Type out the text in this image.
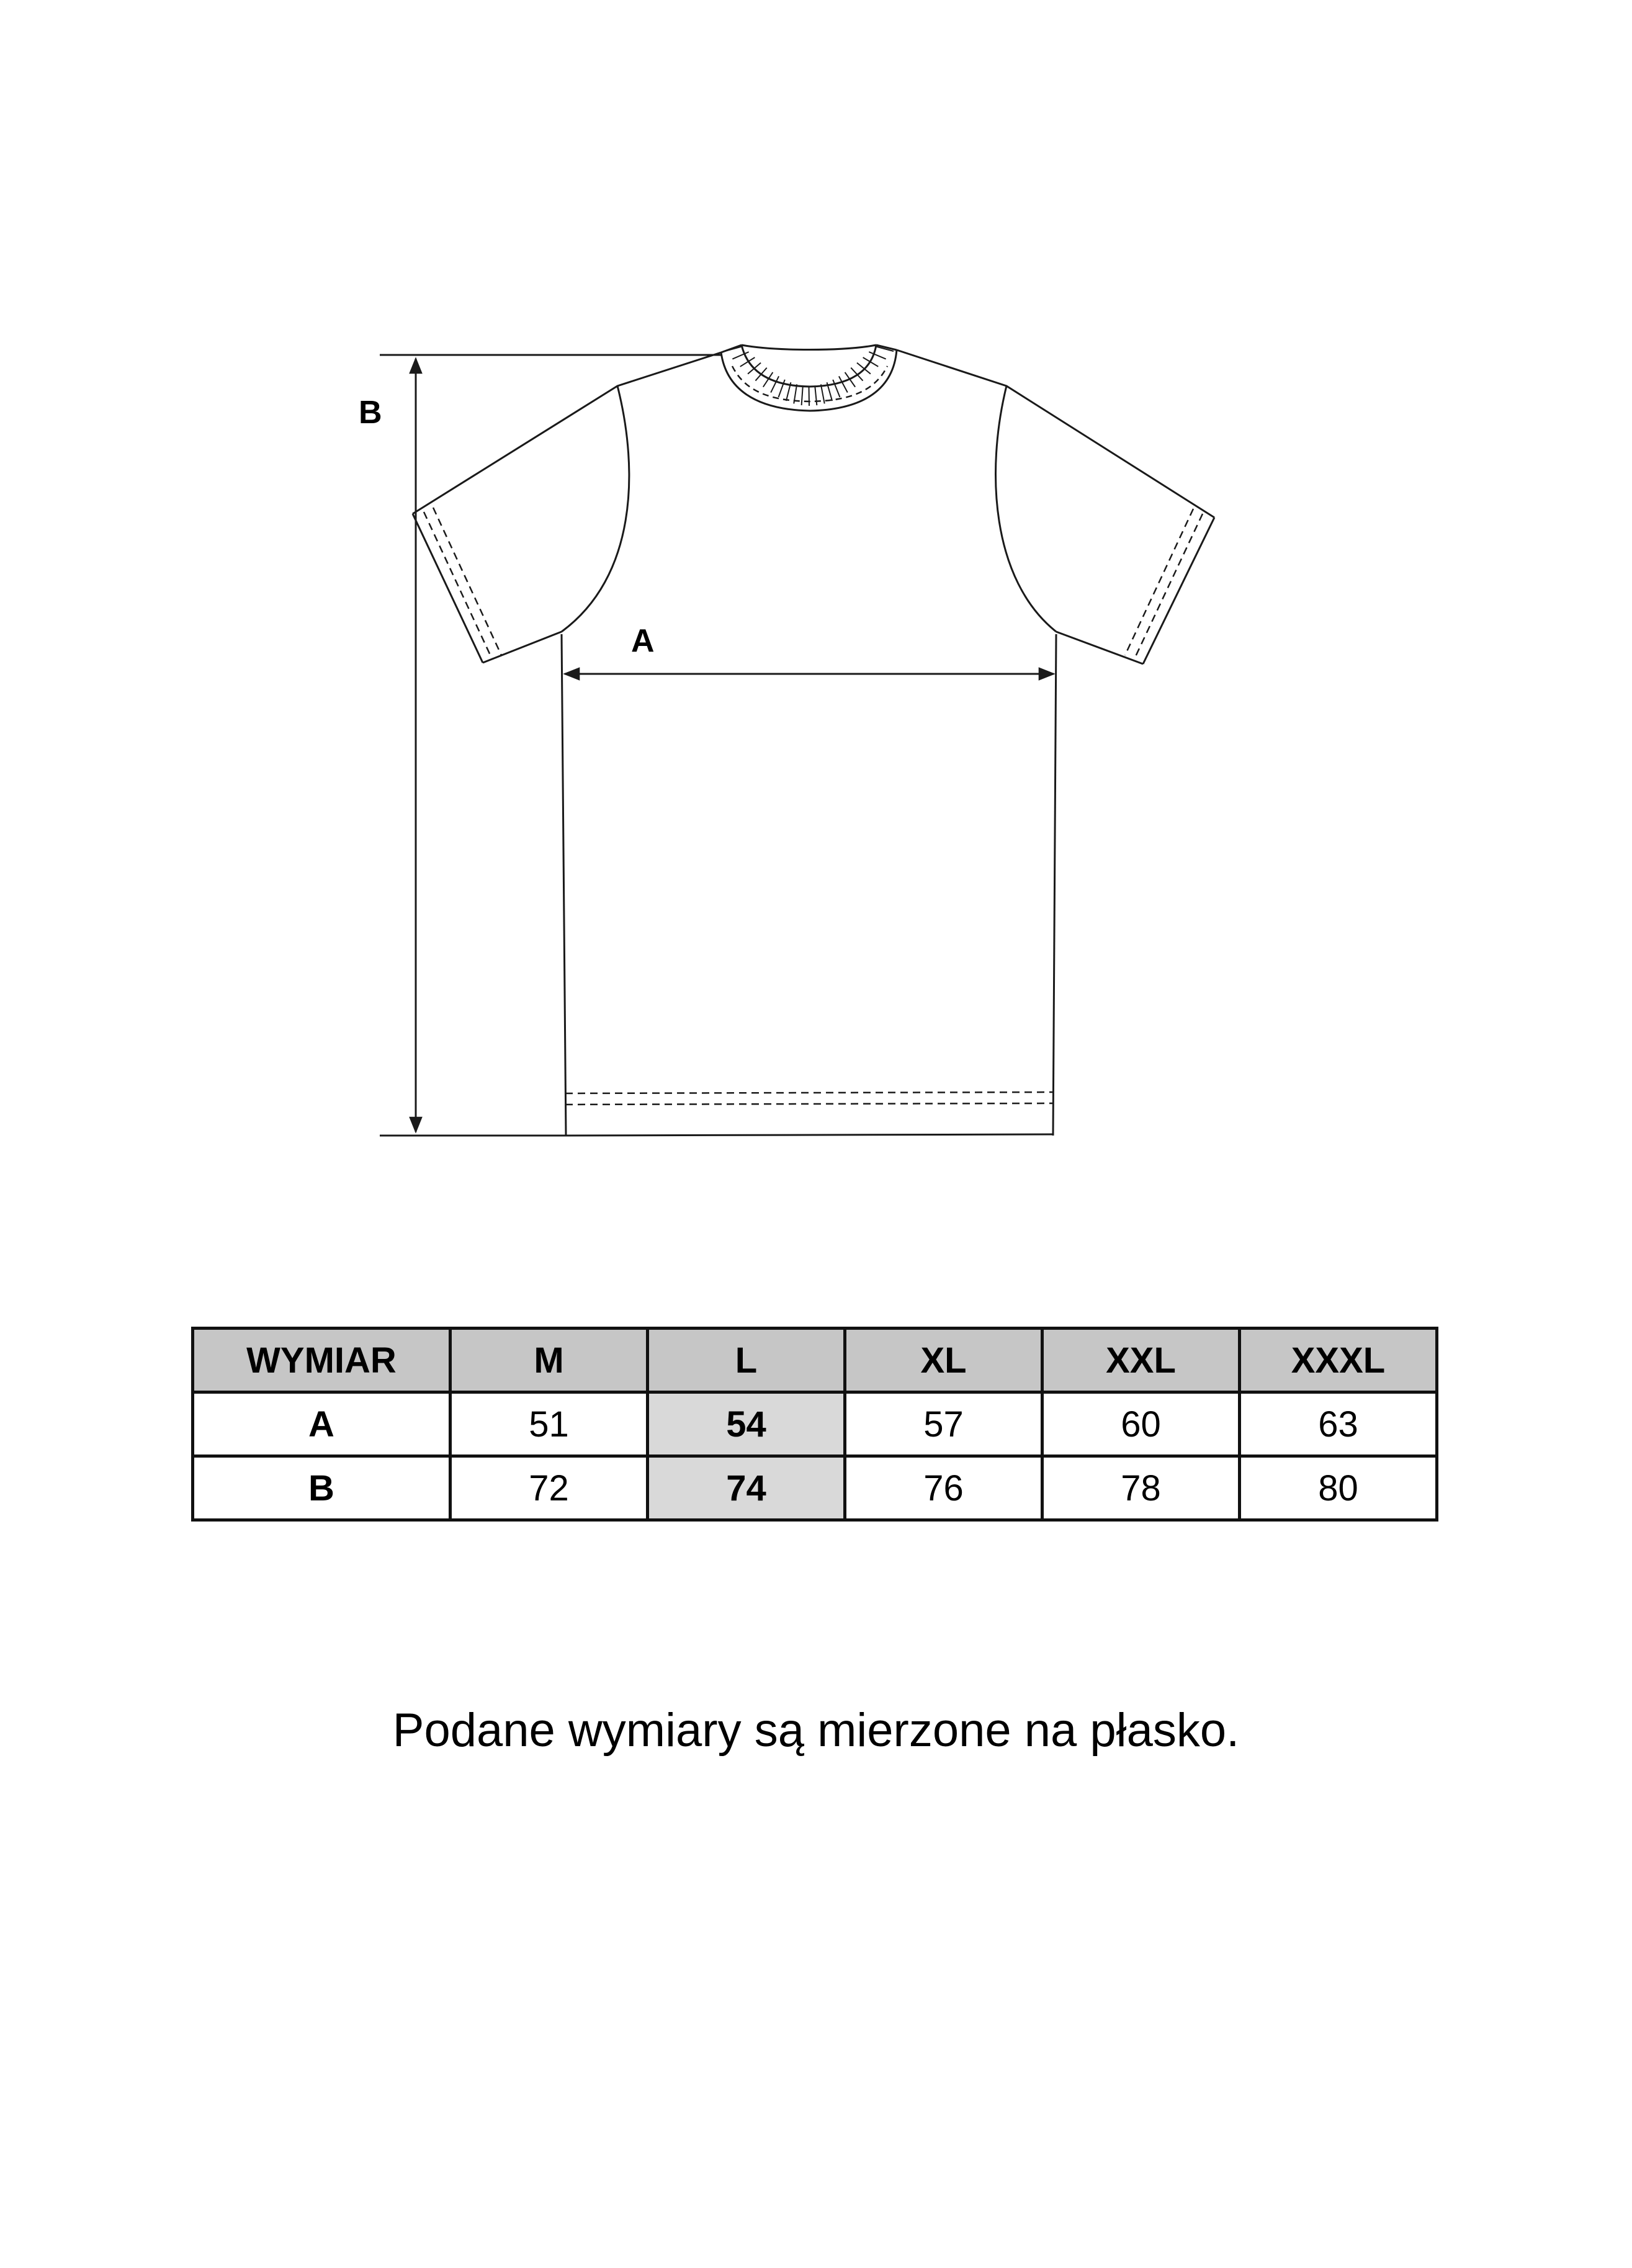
B
A
WYMIAR	M	L	XL	XXL	XXXL
A	51	54	57	60	63
B	72	74	76	78	80
Podane wymiary są mierzone na płasko.
